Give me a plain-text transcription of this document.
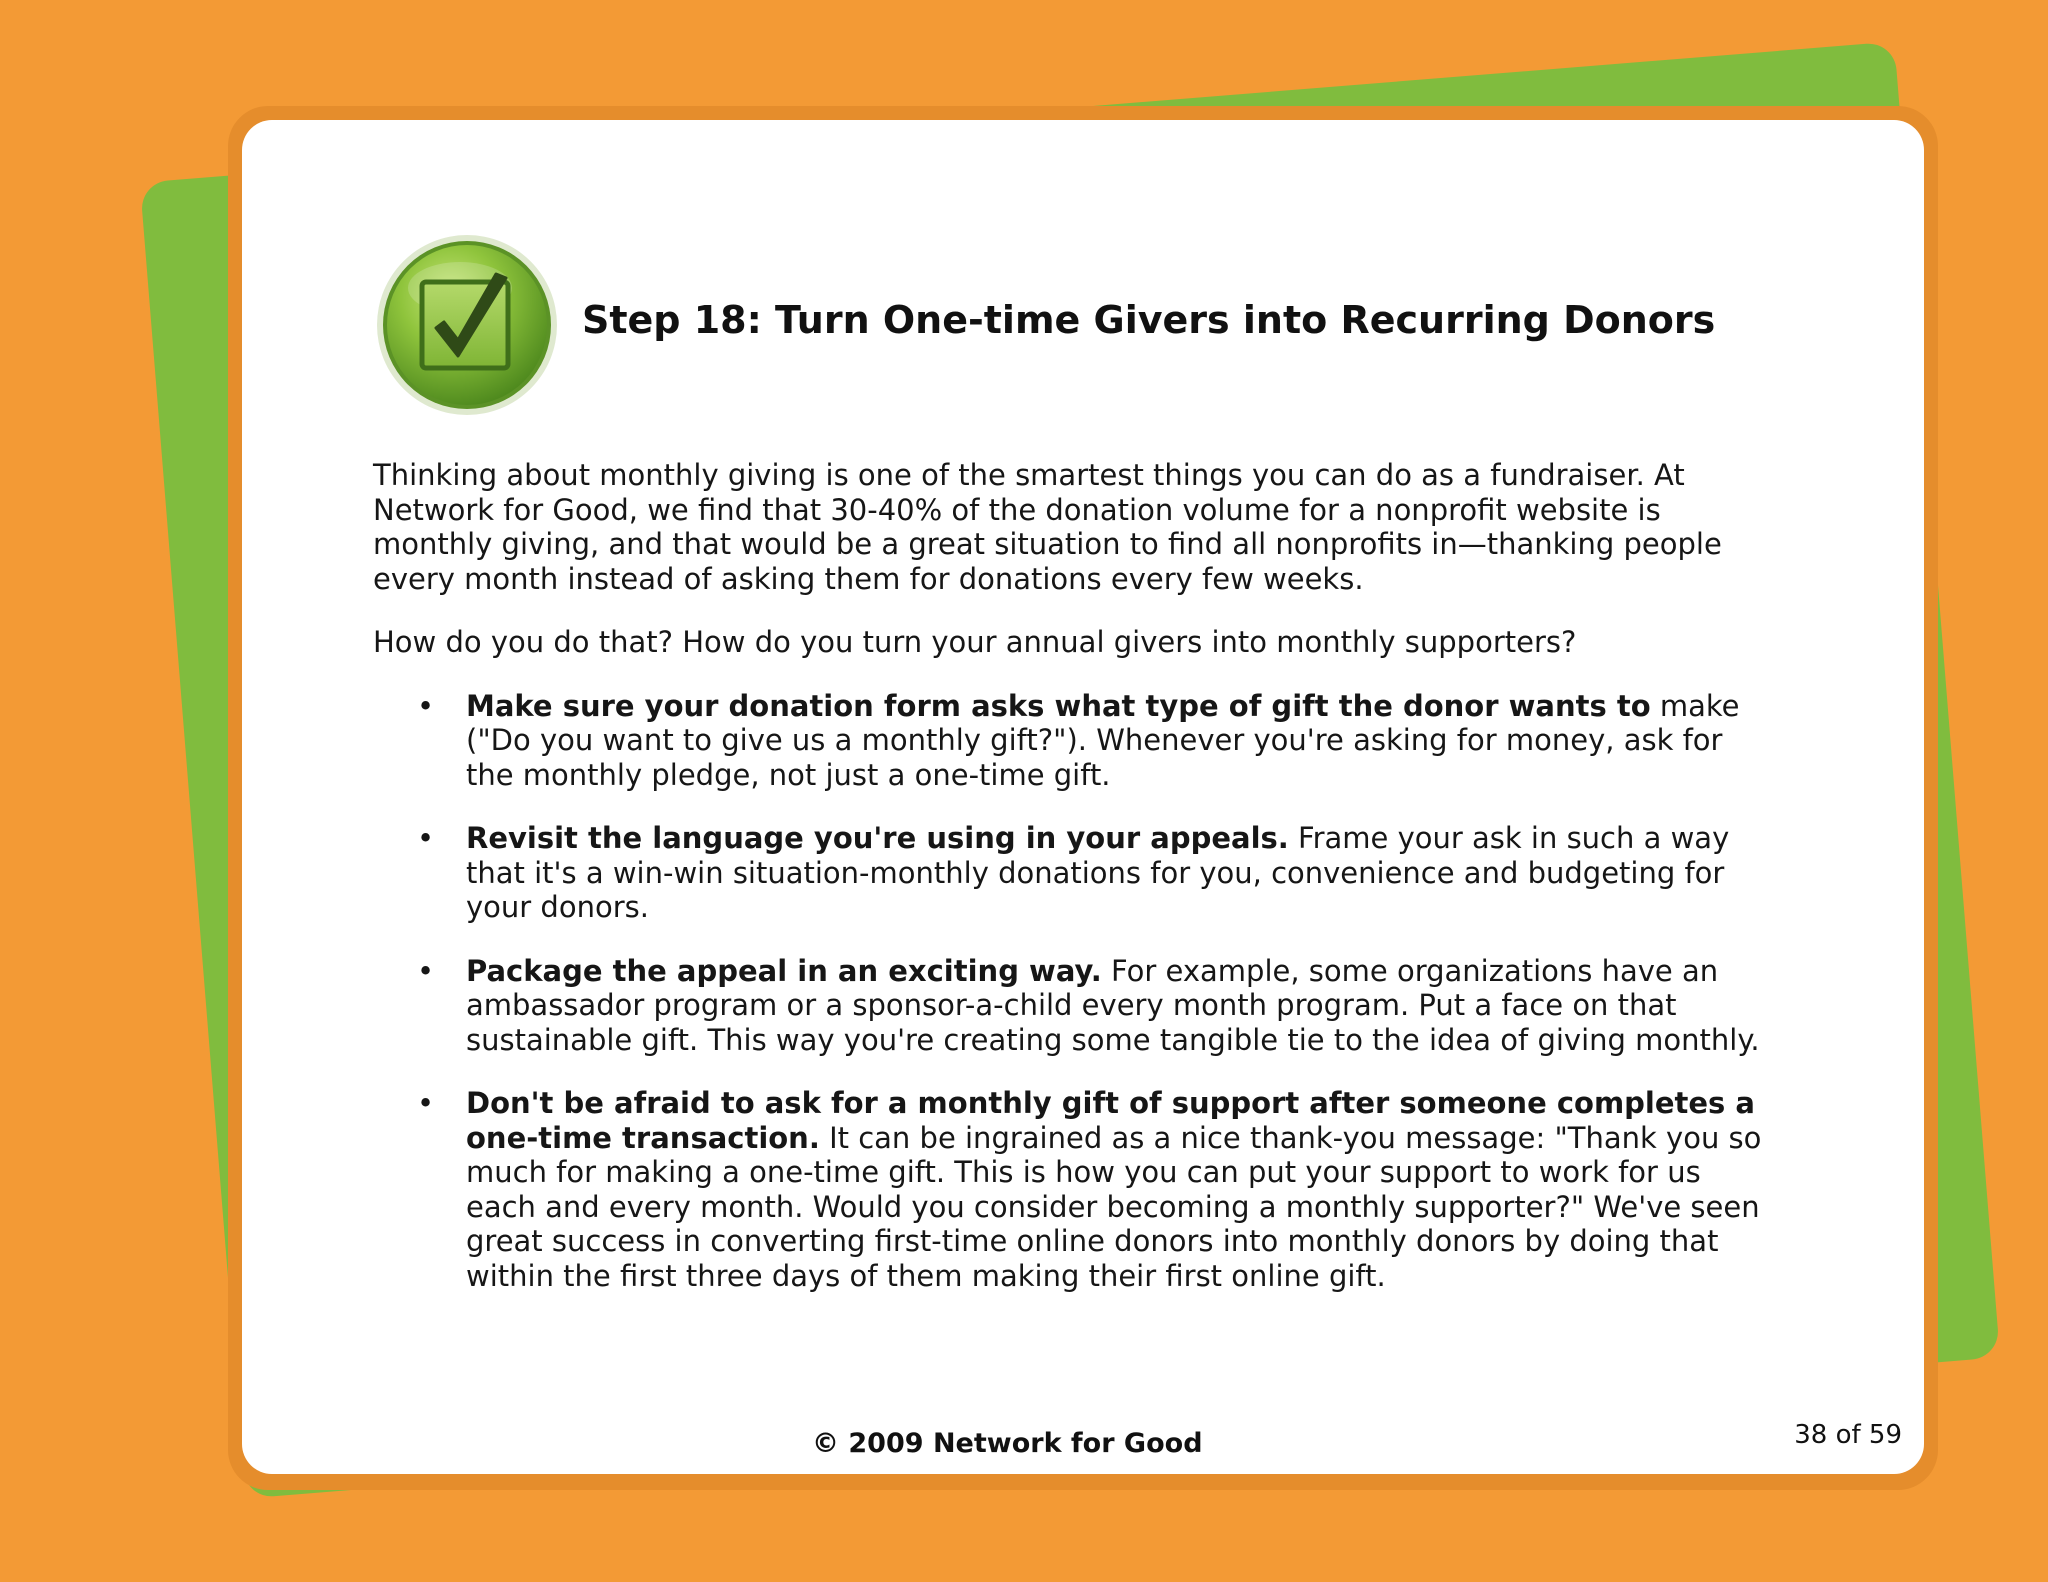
Step 18: Turn One-time Givers into Recurring Donors

Thinking about monthly giving is one of the smartest things you can do as a fundraiser. At Network for Good, we find that 30-40% of the donation volume for a nonprofit website is monthly giving, and that would be a great situation to find all nonprofits in—thanking people every month instead of asking them for donations every few weeks.

How do you do that? How do you turn your annual givers into monthly supporters?

• Make sure your donation form asks what type of gift the donor wants to make ("Do you want to give us a monthly gift?"). Whenever you're asking for money, ask for the monthly pledge, not just a one-time gift.
• Revisit the language you're using in your appeals. Frame your ask in such a way that it's a win-win situation-monthly donations for you, convenience and budgeting for your donors.
• Package the appeal in an exciting way. For example, some organizations have an ambassador program or a sponsor-a-child every month program. Put a face on that sustainable gift. This way you're creating some tangible tie to the idea of giving monthly.
• Don't be afraid to ask for a monthly gift of support after someone completes a one-time transaction. It can be ingrained as a nice thank-you message: "Thank you so much for making a one-time gift. This is how you can put your support to work for us each and every month. Would you consider becoming a monthly supporter?" We've seen great success in converting first-time online donors into monthly donors by doing that within the first three days of them making their first online gift.
© 2009 Network for Good	38 of 59
